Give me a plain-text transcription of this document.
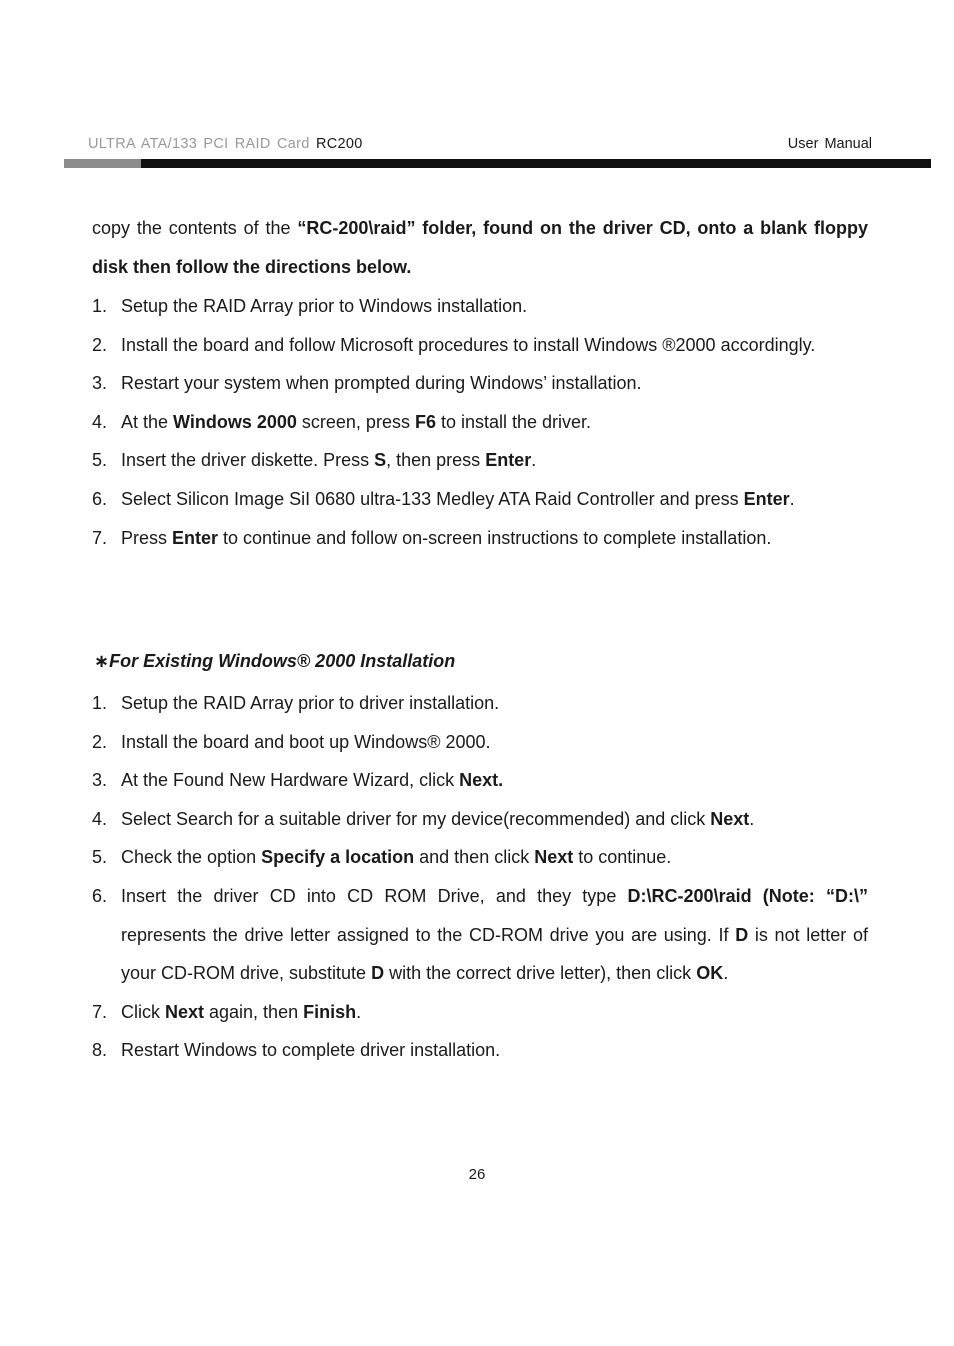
ULTRA ATA/133 PCI RAID Card RC200	User Manual
copy the contents of the “RC-200\raid” folder, found on the driver CD, onto a blank floppy disk then follow the directions below.
1. Setup the RAID Array prior to Windows installation.
2. Install the board and follow Microsoft procedures to install Windows ®2000 accordingly.
3. Restart your system when prompted during Windows’ installation.
4. At the Windows 2000 screen, press F6 to install the driver.
5. Insert the driver diskette. Press S, then press Enter.
6. Select Silicon Image SiI 0680 ultra-133 Medley ATA Raid Controller and press Enter.
7. Press Enter to continue and follow on-screen instructions to complete installation.
∗For Existing Windows® 2000 Installation
1. Setup the RAID Array prior to driver installation.
2. Install the board and boot up Windows® 2000.
3. At the Found New Hardware Wizard, click Next.
4. Select Search for a suitable driver for my device(recommended) and click Next.
5. Check the option Specify a location and then click Next to continue.
6. Insert the driver CD into CD ROM Drive, and they type D:\RC-200\raid (Note: “D:\” represents the drive letter assigned to the CD-ROM drive you are using. If D is not letter of your CD-ROM drive, substitute D with the correct drive letter), then click OK.
7. Click Next again, then Finish.
8. Restart Windows to complete driver installation.
26
